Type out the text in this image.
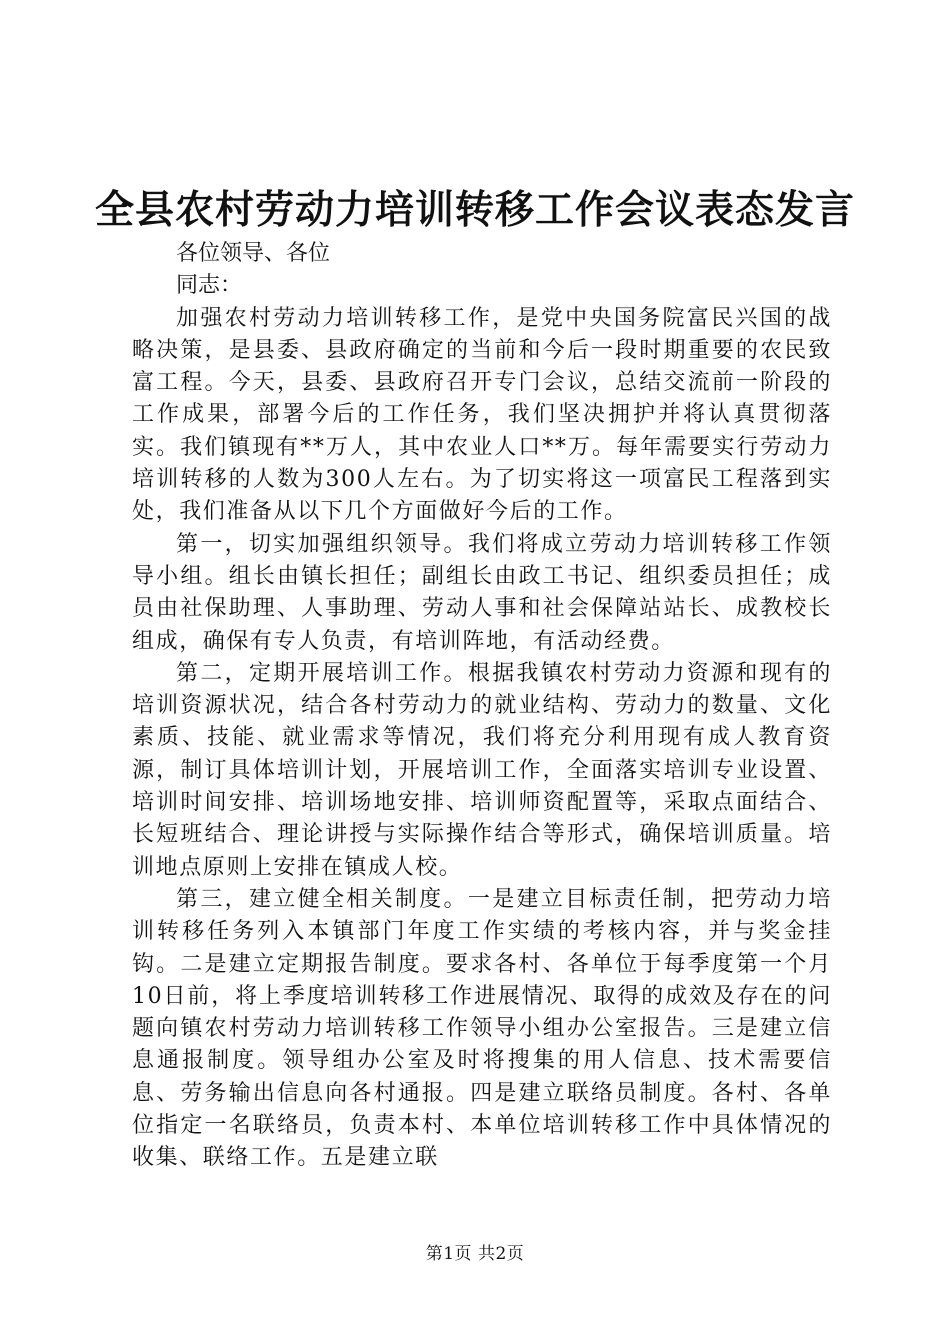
全县农村劳动力培训转移工作会议表态发言

各位领导、各位

同志：

加强农村劳动力培训转移工作，是党中央国务院富民兴国的战略决策，是县委、县政府确定的当前和今后一段时期重要的农民致富工程。今天，县委、县政府召开专门会议，总结交流前一阶段的工作成果，部署今后的工作任务，我们坚决拥护并将认真贯彻落实。我们镇现有**万人，其中农业人口**万。每年需要实行劳动力培训转移的人数为300人左右。为了切实将这一项富民工程落到实处，我们准备从以下几个方面做好今后的工作。

第一，切实加强组织领导。我们将成立劳动力培训转移工作领导小组。组长由镇长担任；副组长由政工书记、组织委员担任；成员由社保助理、人事助理、劳动人事和社会保障站站长、成教校长组成，确保有专人负责，有培训阵地，有活动经费。

第二，定期开展培训工作。根据我镇农村劳动力资源和现有的培训资源状况，结合各村劳动力的就业结构、劳动力的数量、文化素质、技能、就业需求等情况，我们将充分利用现有成人教育资源，制订具体培训计划，开展培训工作，全面落实培训专业设置、培训时间安排、培训场地安排、培训师资配置等，采取点面结合、长短班结合、理论讲授与实际操作结合等形式，确保培训质量。培训地点原则上安排在镇成人校。

第三，建立健全相关制度。一是建立目标责任制，把劳动力培训转移任务列入本镇部门年度工作实绩的考核内容，并与奖金挂钩。二是建立定期报告制度。要求各村、各单位于每季度第一个月10日前，将上季度培训转移工作进展情况、取得的成效及存在的问题向镇农村劳动力培训转移工作领导小组办公室报告。三是建立信息通报制度。领导组办公室及时将搜集的用人信息、技术需要信息、劳务输出信息向各村通报。四是建立联络员制度。各村、各单位指定一名联络员，负责本村、本单位培训转移工作中具体情况的收集、联络工作。五是建立联

第1页 共2页
